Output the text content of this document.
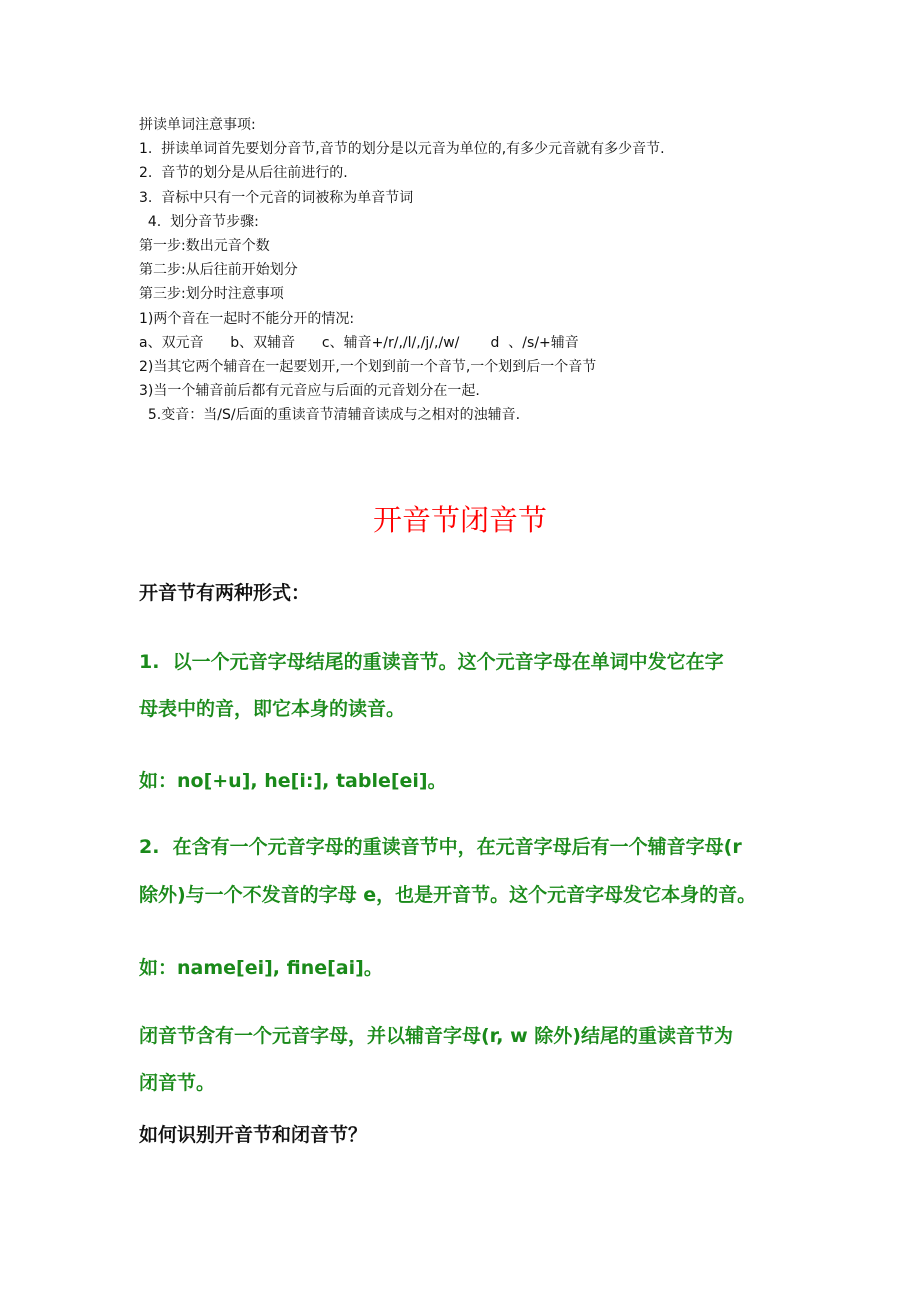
拼读单词注意事项:
1.  拼读单词首先要划分音节,音节的划分是以元音为单位的,有多少元音就有多少音节.
2.  音节的划分是从后往前进行的.
3.  音标中只有一个元音的词被称为单音节词
4.  划分音节步骤:
第一步:数出元音个数
第二步:从后往前开始划分
第三步:划分时注意事项
1)两个音在一起时不能分开的情况:
a、双元音      b、双辅音      c、辅音+/r/,/l/,/j/,/w/       d  、/s/+辅音
2)当其它两个辅音在一起要划开,一个划到前一个音节,一个划到后一个音节
3)当一个辅音前后都有元音应与后面的元音划分在一起.
5.变音：当/S/后面的重读音节清辅音读成与之相对的浊辅音.
开音节闭音节
开音节有两种形式：
1.  以一个元音字母结尾的重读音节。这个元音字母在单词中发它在字
母表中的音，即它本身的读音。
如：no[+u], he[i:], table[ei]。
2.  在含有一个元音字母的重读音节中，在元音字母后有一个辅音字母(r
除外)与一个不发音的字母 e，也是开音节。这个元音字母发它本身的音。
如：name[ei], fine[ai]。
闭音节含有一个元音字母，并以辅音字母(r, w 除外)结尾的重读音节为
闭音节。
如何识别开音节和闭音节？
